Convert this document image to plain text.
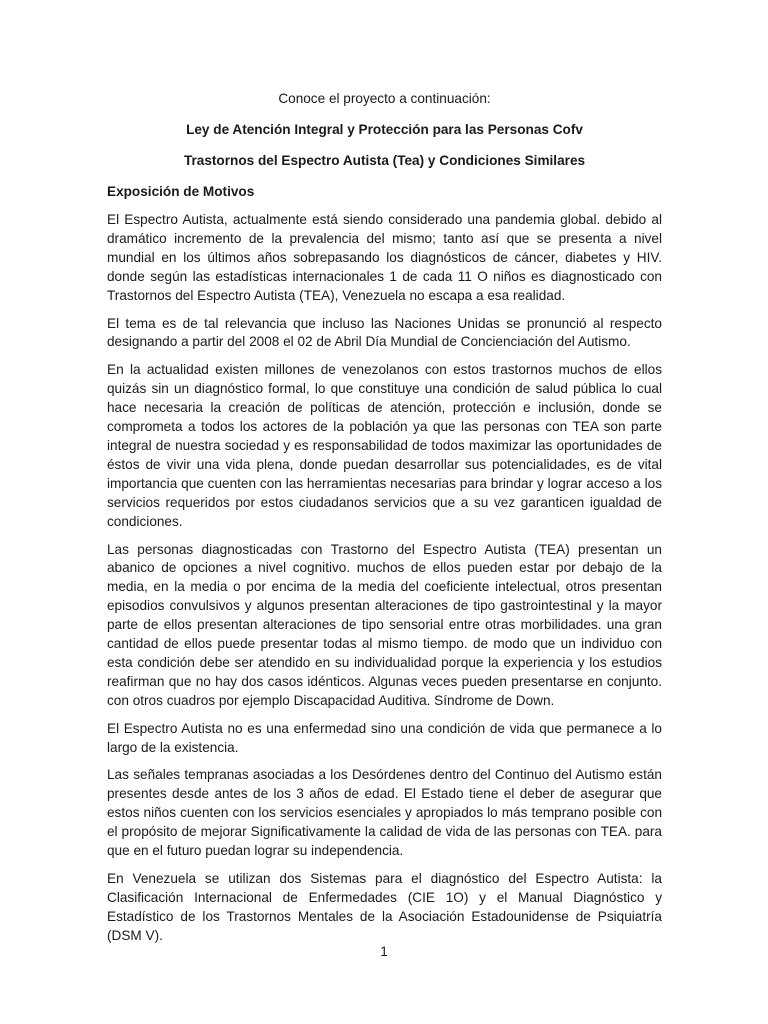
Conoce el proyecto a continuación:

Ley de Atención Integral y Protección para las Personas Cofv

Trastornos del Espectro Autista (Tea) y Condiciones Similares

Exposición de Motivos

El Espectro Autista, actualmente está siendo considerado una pandemia global. debido al dramático incremento de la prevalencia del mismo; tanto así que se presenta a nivel mundial en los últimos años sobrepasando los diagnósticos de cáncer, diabetes y HIV. donde según las estadísticas internacionales 1 de cada 11 O niños es diagnosticado con Trastornos del Espectro Autista (TEA), Venezuela no escapa a esa realidad.

El tema es de tal relevancia que incluso las Naciones Unidas se pronunció al respecto designando a partir del 2008 el 02 de Abril Día Mundial de Concienciación del Autismo.

En la actualidad existen millones de venezolanos con estos trastornos muchos de ellos quizás sin un diagnóstico formal, lo que constituye una condición de salud pública lo cual hace necesaria la creación de políticas de atención, protección e inclusión, donde se comprometa a todos los actores de la población ya que las personas con TEA son parte integral de nuestra sociedad y es responsabilidad de todos maximizar las oportunidades de éstos de vivir una vida plena, donde puedan desarrollar sus potencialidades, es de vital importancia que cuenten con las herramientas necesarias para brindar y lograr acceso a los servicios requeridos por estos ciudadanos servicios que a su vez garanticen igualdad de condiciones.

Las personas diagnosticadas con Trastorno del Espectro Autista (TEA) presentan un abanico de opciones a nivel cognitivo. muchos de ellos pueden estar por debajo de la media, en la media o por encima de la media del coeficiente intelectual, otros presentan episodios convulsivos y algunos presentan alteraciones de tipo gastrointestinal y la mayor parte de ellos presentan alteraciones de tipo sensorial entre otras morbilidades. una gran cantidad de ellos puede presentar todas al mismo tiempo. de modo que un individuo con esta condición debe ser atendido en su individualidad porque la experiencia y los estudios reafirman que no hay dos casos idénticos. Algunas veces pueden presentarse en conjunto. con otros cuadros por ejemplo Discapacidad Auditiva. Síndrome de Down.

El Espectro Autista no es una enfermedad sino una condición de vida que permanece a lo largo de la existencia.

Las señales tempranas asociadas a los Desórdenes dentro del Continuo del Autismo están presentes desde antes de los 3 años de edad. El Estado tiene el deber de asegurar que estos niños cuenten con los servicios esenciales y apropiados lo más temprano posible con el propósito de mejorar Significativamente la calidad de vida de las personas con TEA. para que en el futuro puedan lograr su independencia.

En Venezuela se utilizan dos Sistemas para el diagnóstico del Espectro Autista: la Clasificación Internacional de Enfermedades (CIE 1O) y el Manual Diagnóstico y Estadístico de los Trastornos Mentales de la Asociación Estadounidense de Psiquiatría (DSM V).

1
